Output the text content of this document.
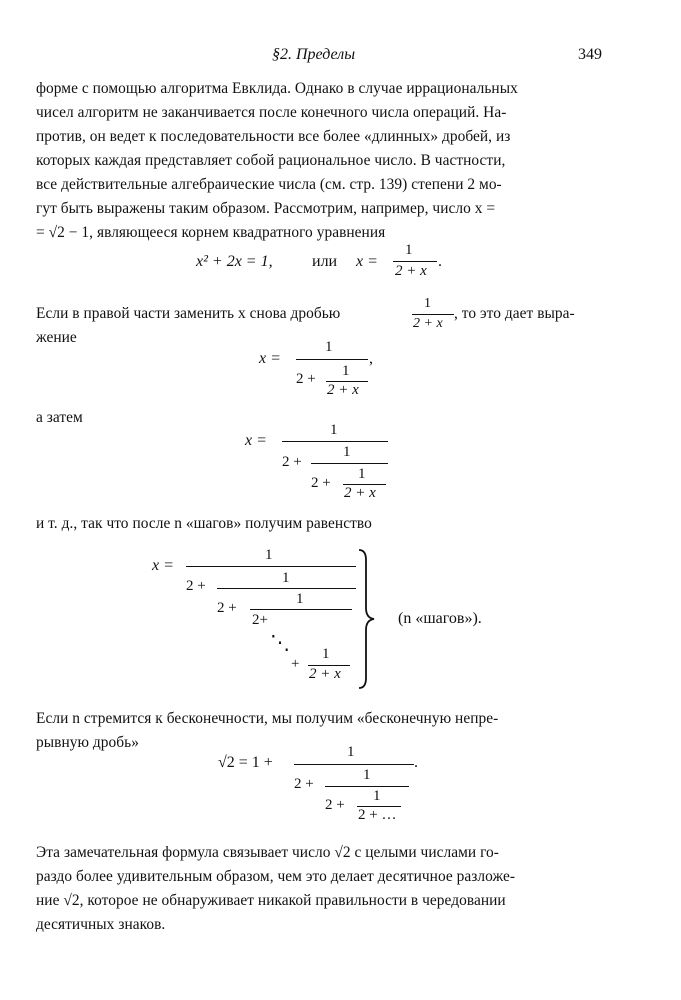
§2. Пределы	349
форме с помощью алгоритма Евклида. Однако в случае иррациональных
чисел алгоритм не заканчивается после конечного числа операций. На-
против, он ведет к последовательности все более «длинных» дробей, из
которых каждая представляет собой рациональное число. В частности,
все действительные алгебраические числа (см. стр. 139) степени 2 мо-
гут быть выражены таким образом. Рассмотрим, например, число x =
= √2 − 1, являющееся корнем квадратного уравнения
x² + 2x = 1, или x =
1
2 + x
.
Если в правой части заменить x снова дробью
1
2 + x
, то это дает выра-
жение
x =
1
2 + 1
2 + x
,
а затем
x =
1
2 +
1
2 +
1
2 + x
и т. д., так что после n «шагов» получим равенство
x =
1
2 +	1
2 +
1
2+
⋱
+
1
2 + x
(n «шагов»).
Если n стремится к бесконечности, мы получим «бесконечную непре-
рывную дробь»
√2 = 1 +
1
.
2 +
1
2 +
1
2 + …
Эта замечательная формула связывает число √2 с целыми числами го-
раздо более удивительным образом, чем это делает десятичное разложе-
ние √2, которое не обнаруживает никакой правильности в чередовании
десятичных знаков.
